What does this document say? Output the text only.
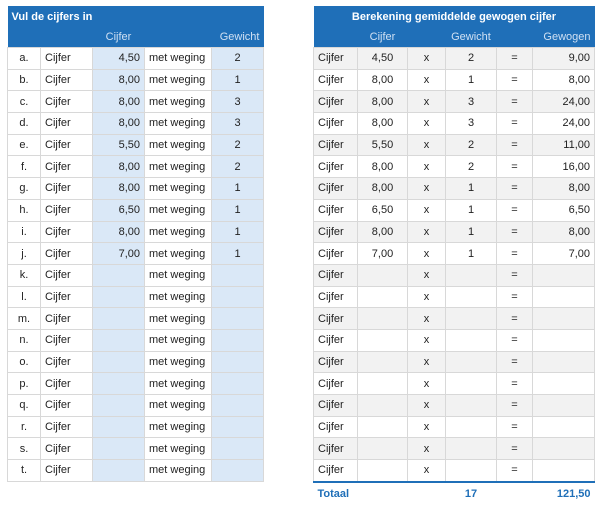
Vul de cijfers in				
		Cijfer		Gewicht
a.	Cijfer	4,50	met weging	2
b.	Cijfer	8,00	met weging	1
c.	Cijfer	8,00	met weging	3
d.	Cijfer	8,00	met weging	3
e.	Cijfer	5,50	met weging	2
f.	Cijfer	8,00	met weging	2
g.	Cijfer	8,00	met weging	1
h.	Cijfer	6,50	met weging	1
i.	Cijfer	8,00	met weging	1
j.	Cijfer	7,00	met weging	1
k.	Cijfer		met weging	
l.	Cijfer		met weging	
m.	Cijfer		met weging	
n.	Cijfer		met weging	
o.	Cijfer		met weging	
p.	Cijfer		met weging	
q.	Cijfer		met weging	
r.	Cijfer		met weging	
s.	Cijfer		met weging	
t.	Cijfer		met weging	
Berekening gemiddelde gewogen cijfer					
	Cijfer		Gewicht		Gewogen
Cijfer	4,50	x	2	=	9,00
Cijfer	8,00	x	1	=	8,00
Cijfer	8,00	x	3	=	24,00
Cijfer	8,00	x	3	=	24,00
Cijfer	5,50	x	2	=	11,00
Cijfer	8,00	x	2	=	16,00
Cijfer	8,00	x	1	=	8,00
Cijfer	6,50	x	1	=	6,50
Cijfer	8,00	x	1	=	8,00
Cijfer	7,00	x	1	=	7,00
Cijfer		x		=	
Cijfer		x		=	
Cijfer		x		=	
Cijfer		x		=	
Cijfer		x		=	
Cijfer		x		=	
Cijfer		x		=	
Cijfer		x		=	
Cijfer		x		=	
Cijfer		x		=	
Totaal			17		121,50
